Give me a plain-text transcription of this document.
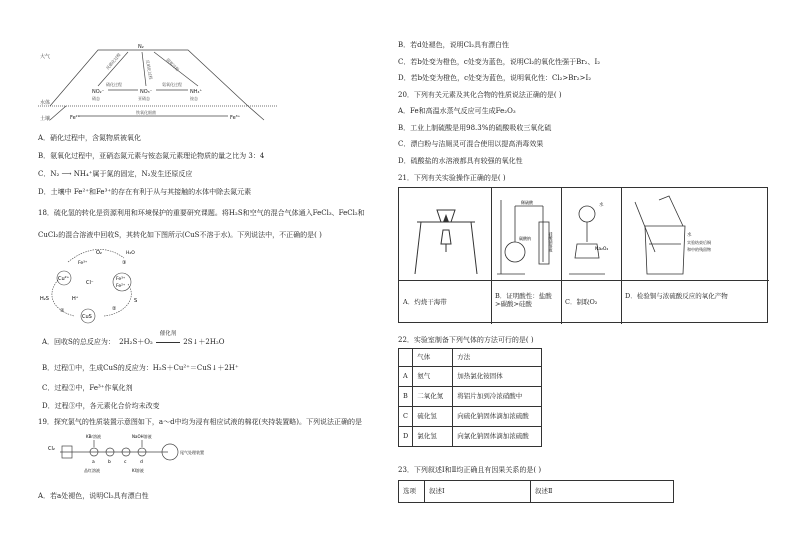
大气
水体
土壤
N₂
NO₂⁻	NO₃⁻	NH₄⁺
硝态	亚硝态	铵态
Fe²⁺	Fe³⁺
铁氧化细菌
硝化过程	氨氧化过程
反硝化过程	反硝化过程	固氮过程
A．硝化过程中，含氮物质被氧化
B．氨氧化过程中，亚硝态氮元素与铵态氮元素理论物质的量之比为 3：4
C．N₂ ⟶ NH₄⁺属于氮的固定，N₂发生还原反应
D．土壤中 Fe²⁺和Fe³⁺的存在有利于从与其接触的水体中除去氮元素
18．硫化氢的转化是资源利用和环境保护的重要研究课题。将H₂S和空气的混合气体通入FeCl₃、FeCl₂和
CuCl₂的混合溶液中回收S，其转化如下图所示(CuS不溶于水)。下列说法中，不正确的是( )
O₂
Cu²⁺	Fe³⁺
Fe²⁺
Cl⁻
H₂S	H⁺	S
CuS
①	②
③
Fe³⁺
H₂O
A．回收S的总反应为： 2H₂S＋O₂
催化剂
2S↓＋2H₂O
B．过程①中，生成CuS的反应为：H₂S＋Cu²⁺＝CuS↓＋2H⁺
C．过程②中，Fe³⁺作氧化剂
D．过程③中，各元素化合价均未改变
19．探究氯气的性质装置示意图如下，a～d中均为浸有相应试液的棉花(夹持装置略)。下列说法正确的是
Cl₂
KBr溶液	NaOH溶液
a	b	c	d
品红溶液	KI溶液
尾气处理装置
A．若a处褪色，说明Cl₂具有漂白性
B．若d处褪色，说明Cl₂具有漂白性
C．若b处变为橙色，c处变为蓝色，说明Cl₂的氧化性强于Br₂、I₂
D．若b处变为橙色，c处变为蓝色，说明氧化性：Cl₂>Br₂>I₂
20．下列有关元素及其化合物的性质说法正确的是( )
A．Fe和高温水蒸气反应可生成Fe₂O₃
B．工业上制硫酸是用98.3%的硫酸吸收三氧化硫
C．漂白粉与洁厕灵可混合使用以提高消毒效果
D．硫酸盐的水溶液都具有较强的氧化性
21．下列有关实验操作正确的是( )
稀硫酸
碳酸钠	硅酸钠溶液
水
Na₂O₂
水
实验结束后铜
和中的残留物
A．灼烧干海带
B．证明酸性：盐酸>碳酸>硅酸	C．制取O₂
D．检验铜与浓硫酸反应的氧化产物
22．实验室制备下列气体的方法可行的是( )
	气体	方法
A	氨气	加热氯化铵固体
B	二氧化氮	将铝片加到冷浓硝酸中
C	硫化氢	向硫化钠固体滴加浓硫酸
D	氯化氢	向氯化钠固体滴加浓硫酸
23．下列叙述Ⅰ和Ⅱ均正确且有因果关系的是( )
选项	叙述Ⅰ	叙述Ⅱ
